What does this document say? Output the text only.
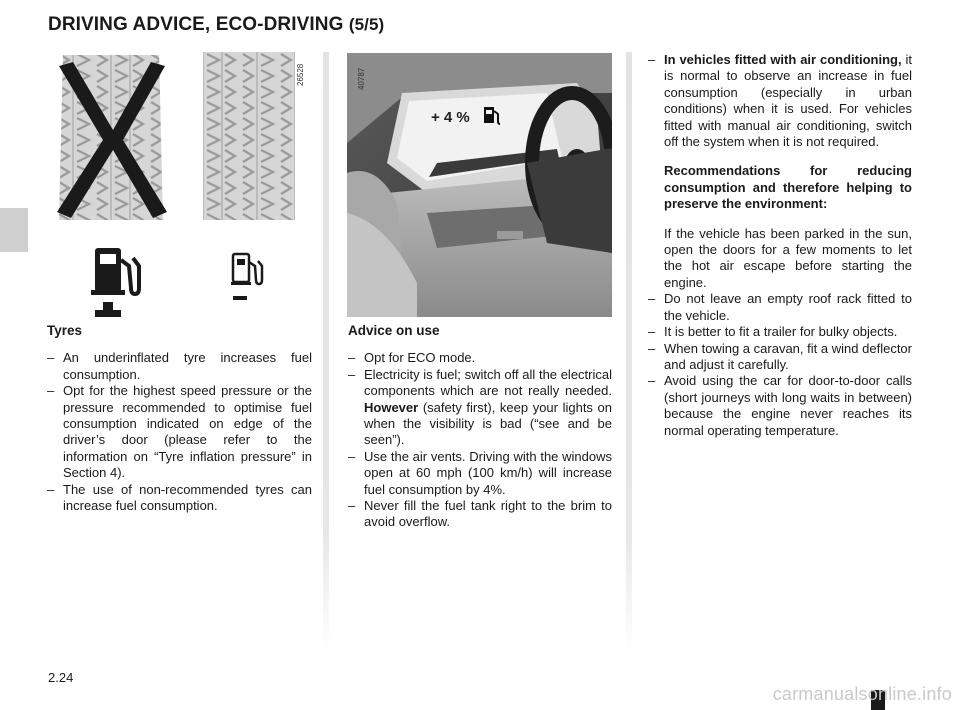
DRIVING ADVICE, ECO-DRIVING (5/5)
26528
+ 4 %
40787
Tyres
– An underinflated tyre increases fuel consumption.
– Opt for the highest speed pressure or the pressure recommended to optimise fuel consumption indicated on edge of the driver’s door (please refer to the information on “Tyre inflation pressure” in Section 4).
– The use of non-recommended tyres can increase fuel consumption.
Advice on use
– Opt for ECO mode.
– Electricity is fuel; switch off all the electrical components which are not really needed. However (safety first), keep your lights on when the visibility is bad (“see and be seen”).
– Use the air vents. Driving with the windows open at 60 mph (100 km/h) will increase fuel consumption by 4%.
– Never fill the fuel tank right to the brim to avoid overflow.
– In vehicles fitted with air conditioning, it is normal to observe an increase in fuel consumption (especially in urban conditions) when it is used. For vehicles fitted with manual air conditioning, switch off the system when it is not required.

Recommendations for reducing consumption and therefore helping to preserve the environment:

If the vehicle has been parked in the sun, open the doors for a few moments to let the hot air escape before starting the engine.

– Do not leave an empty roof rack fitted to the vehicle.
– It is better to fit a trailer for bulky objects.
– When towing a caravan, fit a wind deflector and adjust it carefully.
– Avoid using the car for door-to-door calls (short journeys with long waits in between) because the engine never reaches its normal operating temperature.
2.24
carmanualsonline.info
